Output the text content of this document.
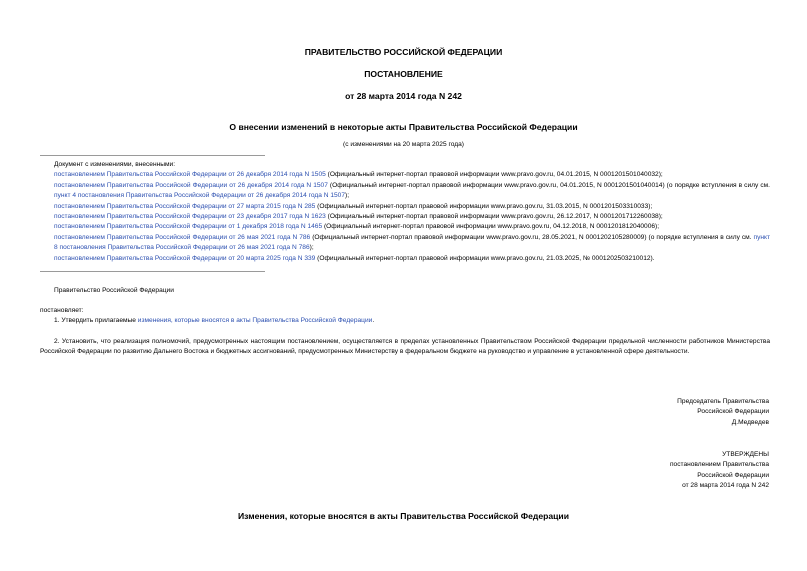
ПРАВИТЕЛЬСТВО РОССИЙСКОЙ ФЕДЕРАЦИИ
ПОСТАНОВЛЕНИЕ
от 28 марта 2014 года N 242
О внесении изменений в некоторые акты Правительства Российской Федерации
(с изменениями на 20 марта 2025 года)
Документ с изменениями, внесенными:
постановлением Правительства Российской Федерации от 26 декабря 2014 года N 1505 (Официальный интернет-портал правовой информации www.pravo.gov.ru, 04.01.2015, N 0001201501040032);
постановлением Правительства Российской Федерации от 26 декабря 2014 года N 1507 (Официальный интернет-портал правовой информации www.pravo.gov.ru, 04.01.2015, N 0001201501040014) (о порядке вступления в силу см. пункт 4 постановления Правительства Российской Федерации от 26 декабря 2014 года N 1507);
постановлением Правительства Российской Федерации от 27 марта 2015 года N 285 (Официальный интернет-портал правовой информации www.pravo.gov.ru, 31.03.2015, N 0001201503310033);
постановлением Правительства Российской Федерации от 23 декабря 2017 года N 1623 (Официальный интернет-портал правовой информации www.pravo.gov.ru, 26.12.2017, N 0001201712260038);
постановлением Правительства Российской Федерации от 1 декабря 2018 года N 1465 (Официальный интернет-портал правовой информации www.pravo.gov.ru, 04.12.2018, N 0001201812040006);
постановлением Правительства Российской Федерации от 26 мая 2021 года N 786 (Официальный интернет-портал правовой информации www.pravo.gov.ru, 28.05.2021, N 0001202105280009) (о порядке вступления в силу см. пункт 8 постановления Правительства Российской Федерации от 26 мая 2021 года N 786);
постановлением Правительства Российской Федерации от 20 марта 2025 года N 339 (Официальный интернет-портал правовой информации www.pravo.gov.ru, 21.03.2025, № 0001202503210012).
Правительство Российской Федерации
постановляет:
1. Утвердить прилагаемые изменения, которые вносятся в акты Правительства Российской Федерации.
2. Установить, что реализация полномочий, предусмотренных настоящим постановлением, осуществляется в пределах установленных Правительством Российской Федерации предельной численности работников Министерства Российской Федерации по развитию Дальнего Востока и бюджетных ассигнований, предусмотренных Министерству в федеральном бюджете на руководство и управление в установленной сфере деятельности.
Председатель Правительства
Российской Федерации
Д.Медведев
УТВЕРЖДЕНЫ
постановлением Правительства
Российской Федерации
от 28 марта 2014 года N 242
Изменения, которые вносятся в акты Правительства Российской Федерации
